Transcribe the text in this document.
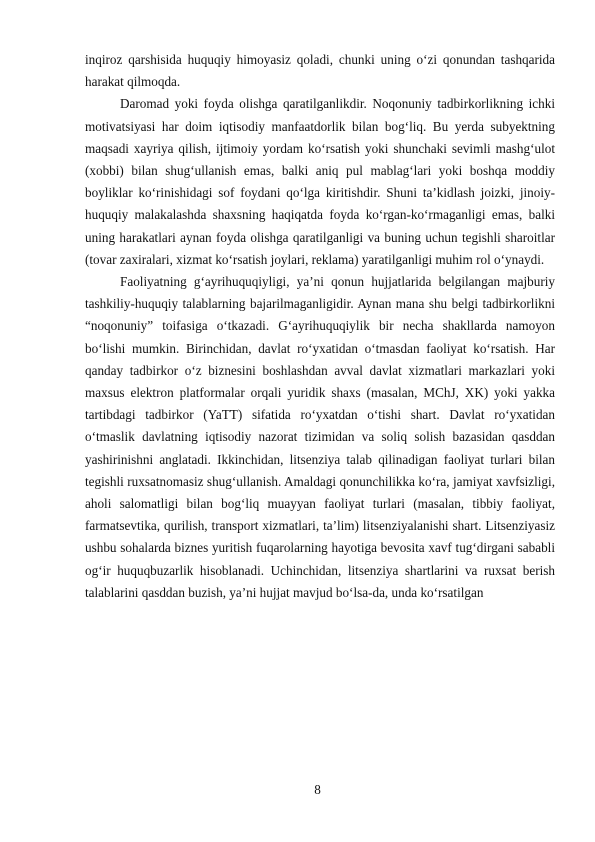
inqiroz qarshisida huquqiy himoyasiz qoladi, chunki uning o‘zi qonundan tashqarida harakat qilmoqda.

Daromad yoki foyda olishga qaratilganlikdir. Noqonuniy tadbirkorlikning ichki motivatsiyasi har doim iqtisodiy manfaatdorlik bilan bog‘liq. Bu yerda subyektning maqsadi xayriya qilish, ijtimoiy yordam ko‘rsatish yoki shunchaki sevimli mashg‘ulot (xobbi) bilan shug‘ullanish emas, balki aniq pul mablag‘lari yoki boshqa moddiy boyliklar ko‘rinishidagi sof foydani qo‘lga kiritishdir. Shuni ta’kidlash joizki, jinoiy-huquqiy malakalashda shaxsning haqiqatda foyda ko‘rgan-ko‘rmaganligi emas, balki uning harakatlari aynan foyda olishga qaratilganligi va buning uchun tegishli sharoitlar (tovar zaxiralari, xizmat ko‘rsatish joylari, reklama) yaratilganligi muhim rol o‘ynaydi.

Faoliyatning g‘ayrihuquqiyligi, ya’ni qonun hujjatlarida belgilangan majburiy tashkiliy-huquqiy talablarning bajarilmaganligidir. Aynan mana shu belgi tadbirkorlikni “noqonuniy” toifasiga o‘tkazadi. G‘ayrihuquqiylik bir necha shakllarda namoyon bo‘lishi mumkin. Birinchidan, davlat ro‘yxatidan o‘tmasdan faoliyat ko‘rsatish. Har qanday tadbirkor o‘z biznesini boshlashdan avval davlat xizmatlari markazlari yoki maxsus elektron platformalar orqali yuridik shaxs (masalan, MChJ, XK) yoki yakka tartibdagi tadbirkor (YaTT) sifatida ro‘yxatdan o‘tishi shart. Davlat ro‘yxatidan o‘tmaslik davlatning iqtisodiy nazorat tizimidan va soliq solish bazasidan qasddan yashirinishni anglatadi. Ikkinchidan, litsenziya talab qilinadigan faoliyat turlari bilan tegishli ruxsatnomasiz shug‘ullanish. Amaldagi qonunchilikka ko‘ra, jamiyat xavfsizligi, aholi salomatligi bilan bog‘liq muayyan faoliyat turlari (masalan, tibbiy faoliyat, farmatsevtika, qurilish, transport xizmatlari, ta’lim) litsenziyalanishi shart. Litsenziyasiz ushbu sohalarda biznes yuritish fuqarolarning hayotiga bevosita xavf tug‘dirgani sababli og‘ir huquqbuzarlik hisoblanadi. Uchinchidan, litsenziya shartlarini va ruxsat berish talablarini qasddan buzish, ya’ni hujjat mavjud bo‘lsa-da, unda ko‘rsatilgan

8
